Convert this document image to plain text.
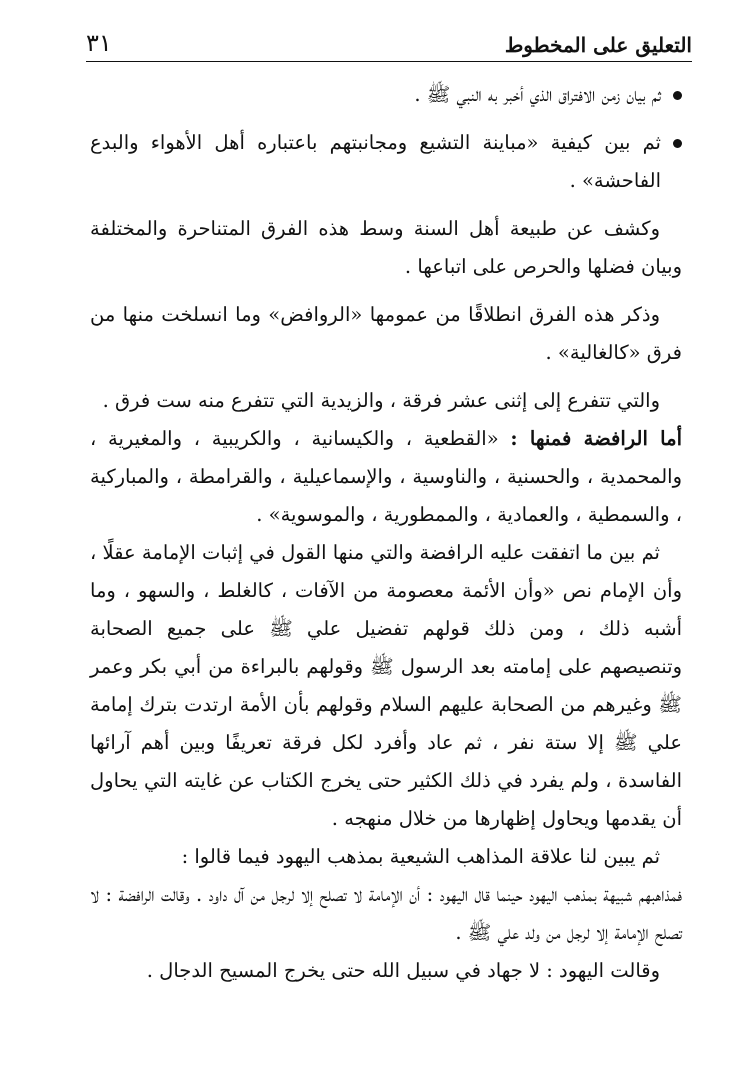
التعليق على المخطوط
٣١
ثم بيان زمن الافتراق الذي أخبر به النبي ﷺ .
ثم بين كيفية «مباينة التشيع ومجانبتهم باعتباره أهل الأهواء والبدع الفاحشة» .

وكشف عن طبيعة أهل السنة وسط هذه الفرق المتناحرة والمختلفة وبيان فضلها والحرص على اتباعها .

وذكر هذه الفرق انطلاقًا من عمومها «الروافض» وما انسلخت منها من فرق «كالغالية» .

والتي تتفرع إلى إثنى عشر فرقة ، والزيدية التي تتفرع منه ست فرق .

أما الرافضة فمنها : «القطعية ، والكيسانية ، والكريبية ، والمغيرية ، والمحمدية ، والحسنية ، والناوسية ، والإسماعيلية ، والقرامطة ، والمباركية ، والسمطية ، والعمادية ، والممطورية ، والموسوية» .

ثم بين ما اتفقت عليه الرافضة والتي منها القول في إثبات الإمامة عقلًا ، وأن الإمام نص «وأن الأئمة معصومة من الآفات ، كالغلط ، والسهو ، وما أشبه ذلك ، ومن ذلك قولهم تفضيل علي ﷺ على جميع الصحابة وتنصيصهم على إمامته بعد الرسول ﷺ وقولهم بالبراءة من أبي بكر وعمر ﷺ وغيرهم من الصحابة عليهم السلام وقولهم بأن الأمة ارتدت بترك إمامة علي ﷺ إلا ستة نفر ، ثم عاد وأفرد لكل فرقة تعريفًا وبين أهم آرائها الفاسدة ، ولم يفرد في ذلك الكثير حتى يخرج الكتاب عن غايته التي يحاول أن يقدمها ويحاول إظهارها من خلال منهجه .

ثم يبين لنا علاقة المذاهب الشيعية بمذهب اليهود فيما قالوا :

فمذاهبهم شبيهة بمذهب اليهود حينما قال اليهود : أن الإمامة لا تصلح إلا لرجل من آل داود . وقالت الرافضة : لا تصلح الإمامة إلا لرجل من ولد علي ﷺ .

وقالت اليهود : لا جهاد في سبيل الله حتى يخرج المسيح الدجال .
